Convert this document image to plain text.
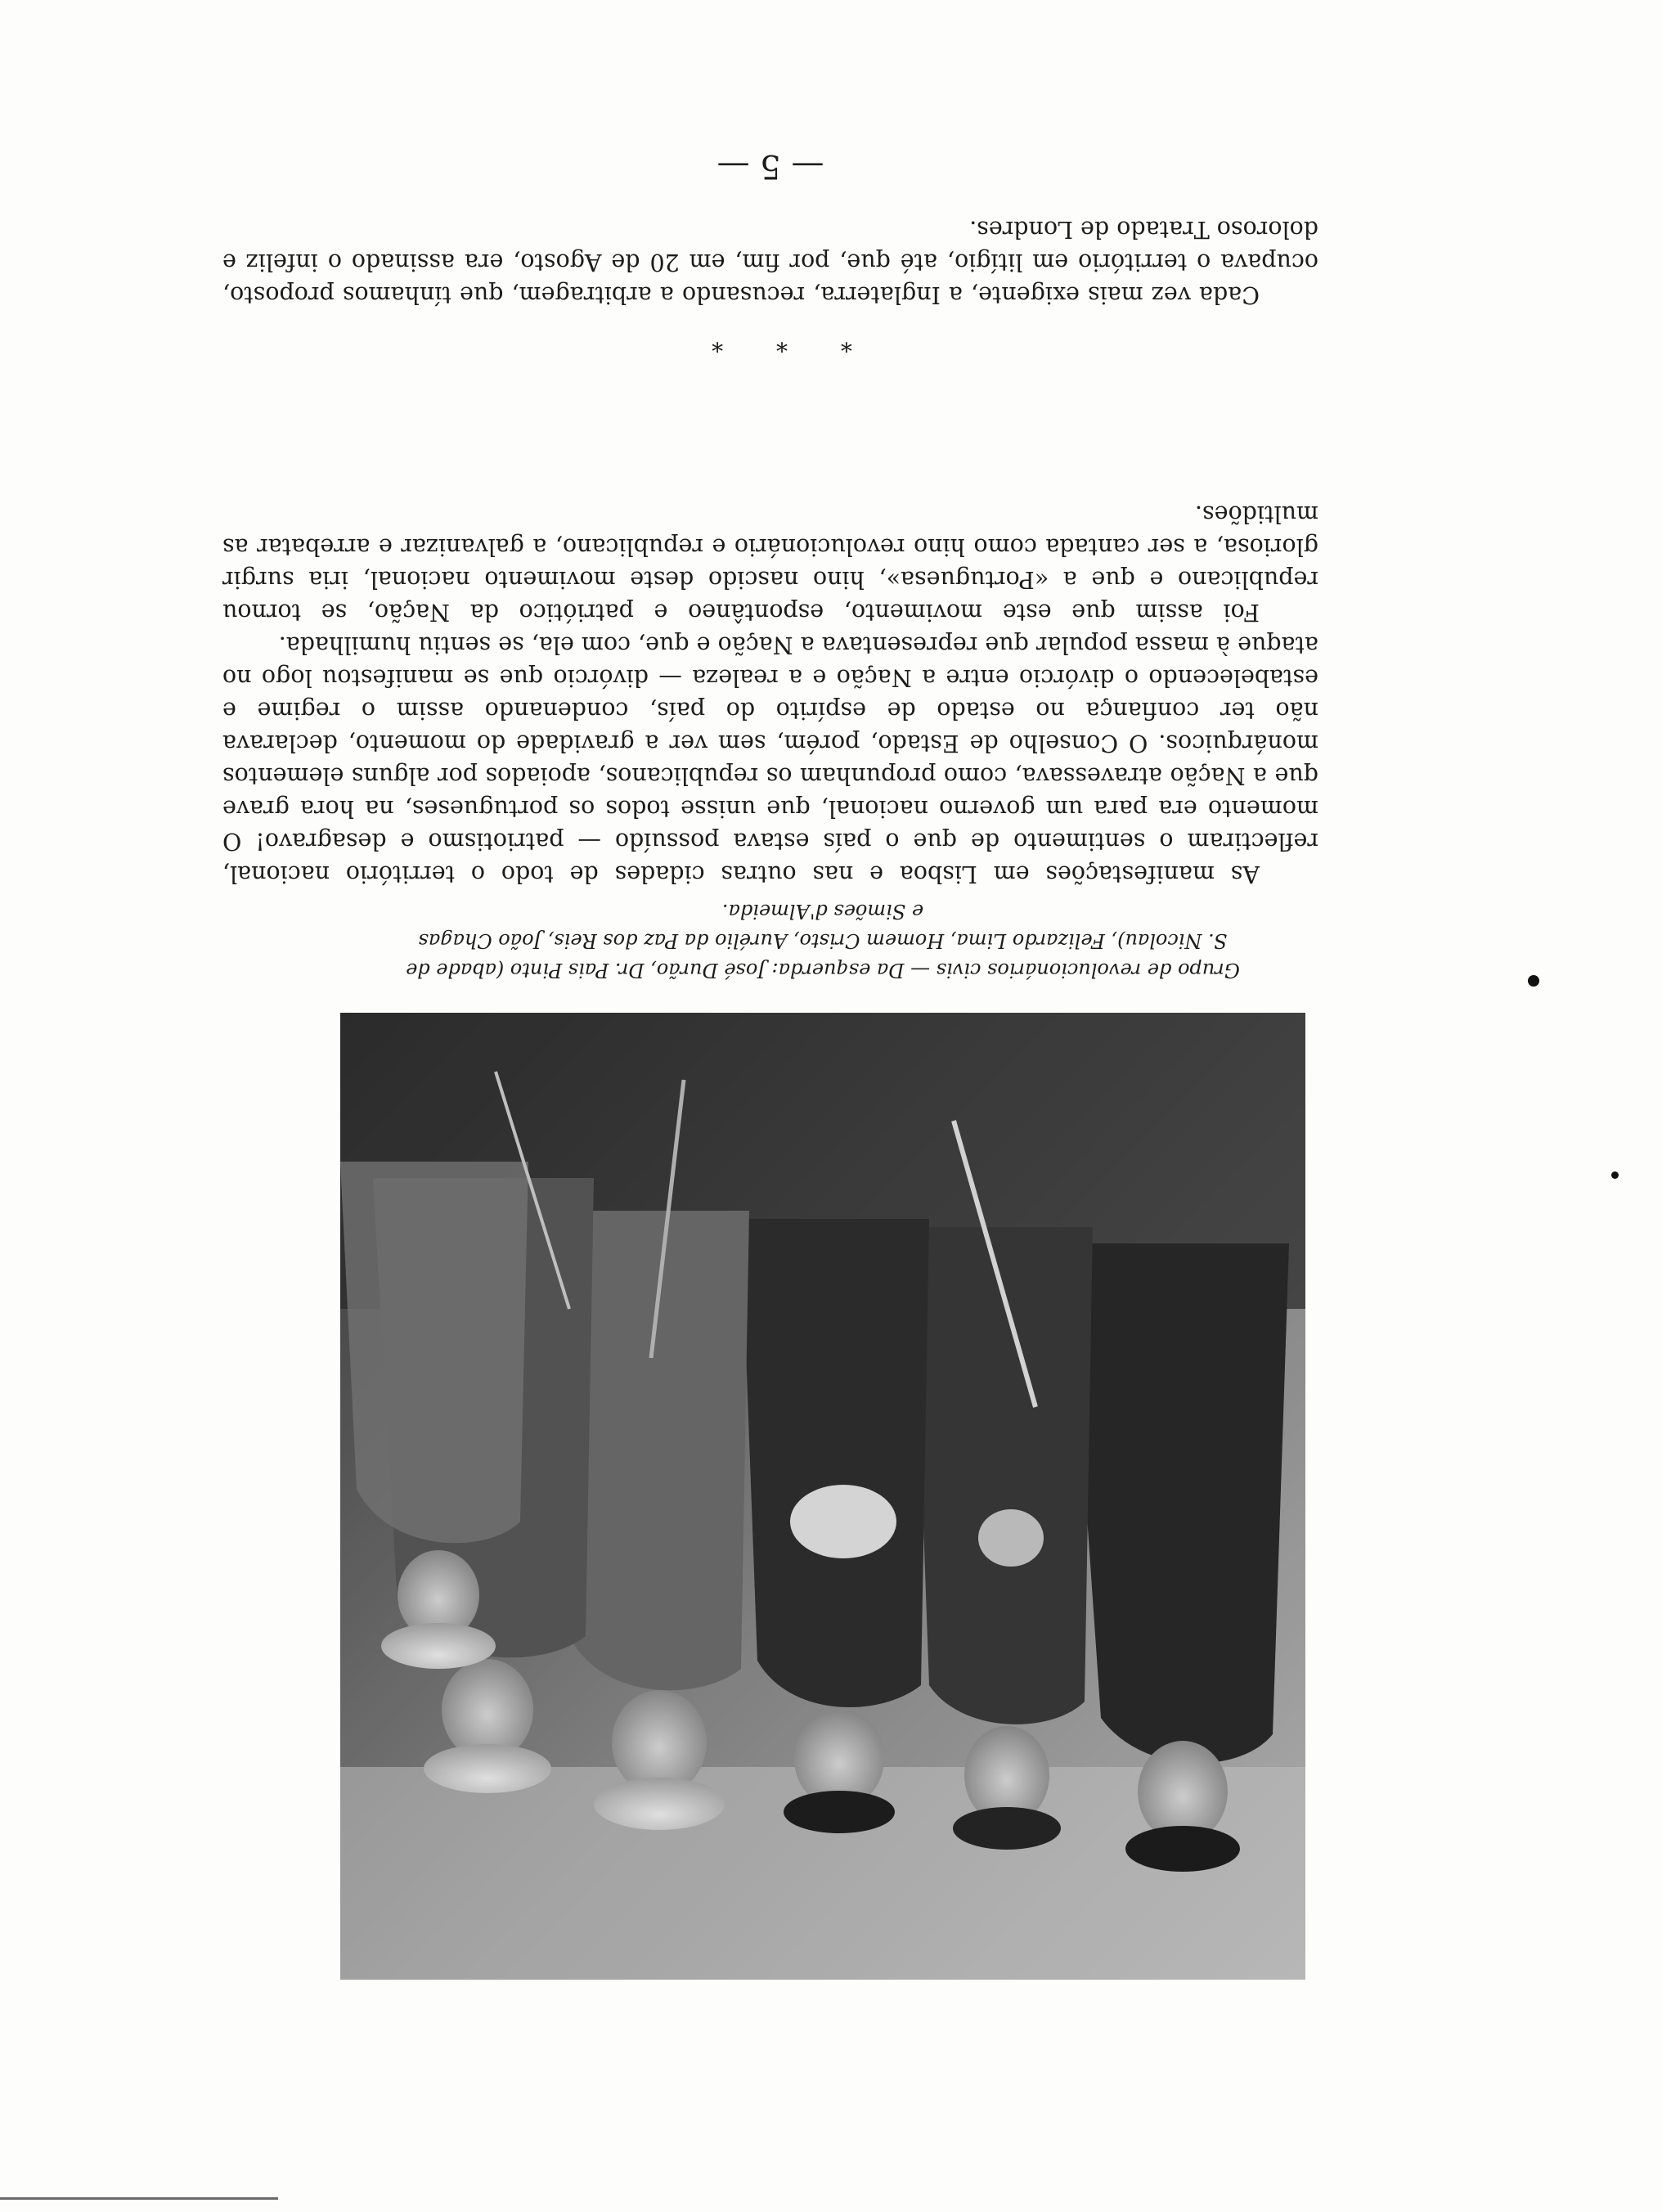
Grupo de revolucionários civis — Da esquerda: José Durão, Dr. Pais Pinto (abade de
S. Nicolau), Felizardo Lima, Homem Cristo, Aurélio da Paz dos Reis, João Chagas
e Simões d'Almeida.

As manifestações em Lisboa e nas outras cidades de todo o território nacional, reflectiram o sentimento de que o país estava possuído — patriotismo e desagravo! O momento era para um governo nacional, que unisse todos os portugueses, na hora grave que a Nação atravessava, como propunham os republicanos, apoiados por alguns elementos monárquicos. O Conselho de Estado, porém, sem ver a gravidade do momento, declarava não ter confiança no estado de espírito do país, condenando assim o regime e estabelecendo o divórcio entre a Nação e a realeza — divórcio que se manifestou logo no ataque à massa popular que representava a Nação e que, com ela, se sentiu humilhada.

Foi assim que este movimento, espontâneo e patriótico da Nação, se tornou republicano e que a «Portuguesa», hino nascido deste movimento nacional, iria surgir gloriosa, a ser cantada como hino revolucionário e republicano, a galvanizar e arrebatar as multidões.

* * *

Cada vez mais exigente, a Inglaterra, recusando a arbitragem, que tínhamos proposto, ocupava o território em litígio, até que, por fim, em 20 de Agosto, era assinado o infeliz e doloroso Tratado de Londres.

— 5 —
